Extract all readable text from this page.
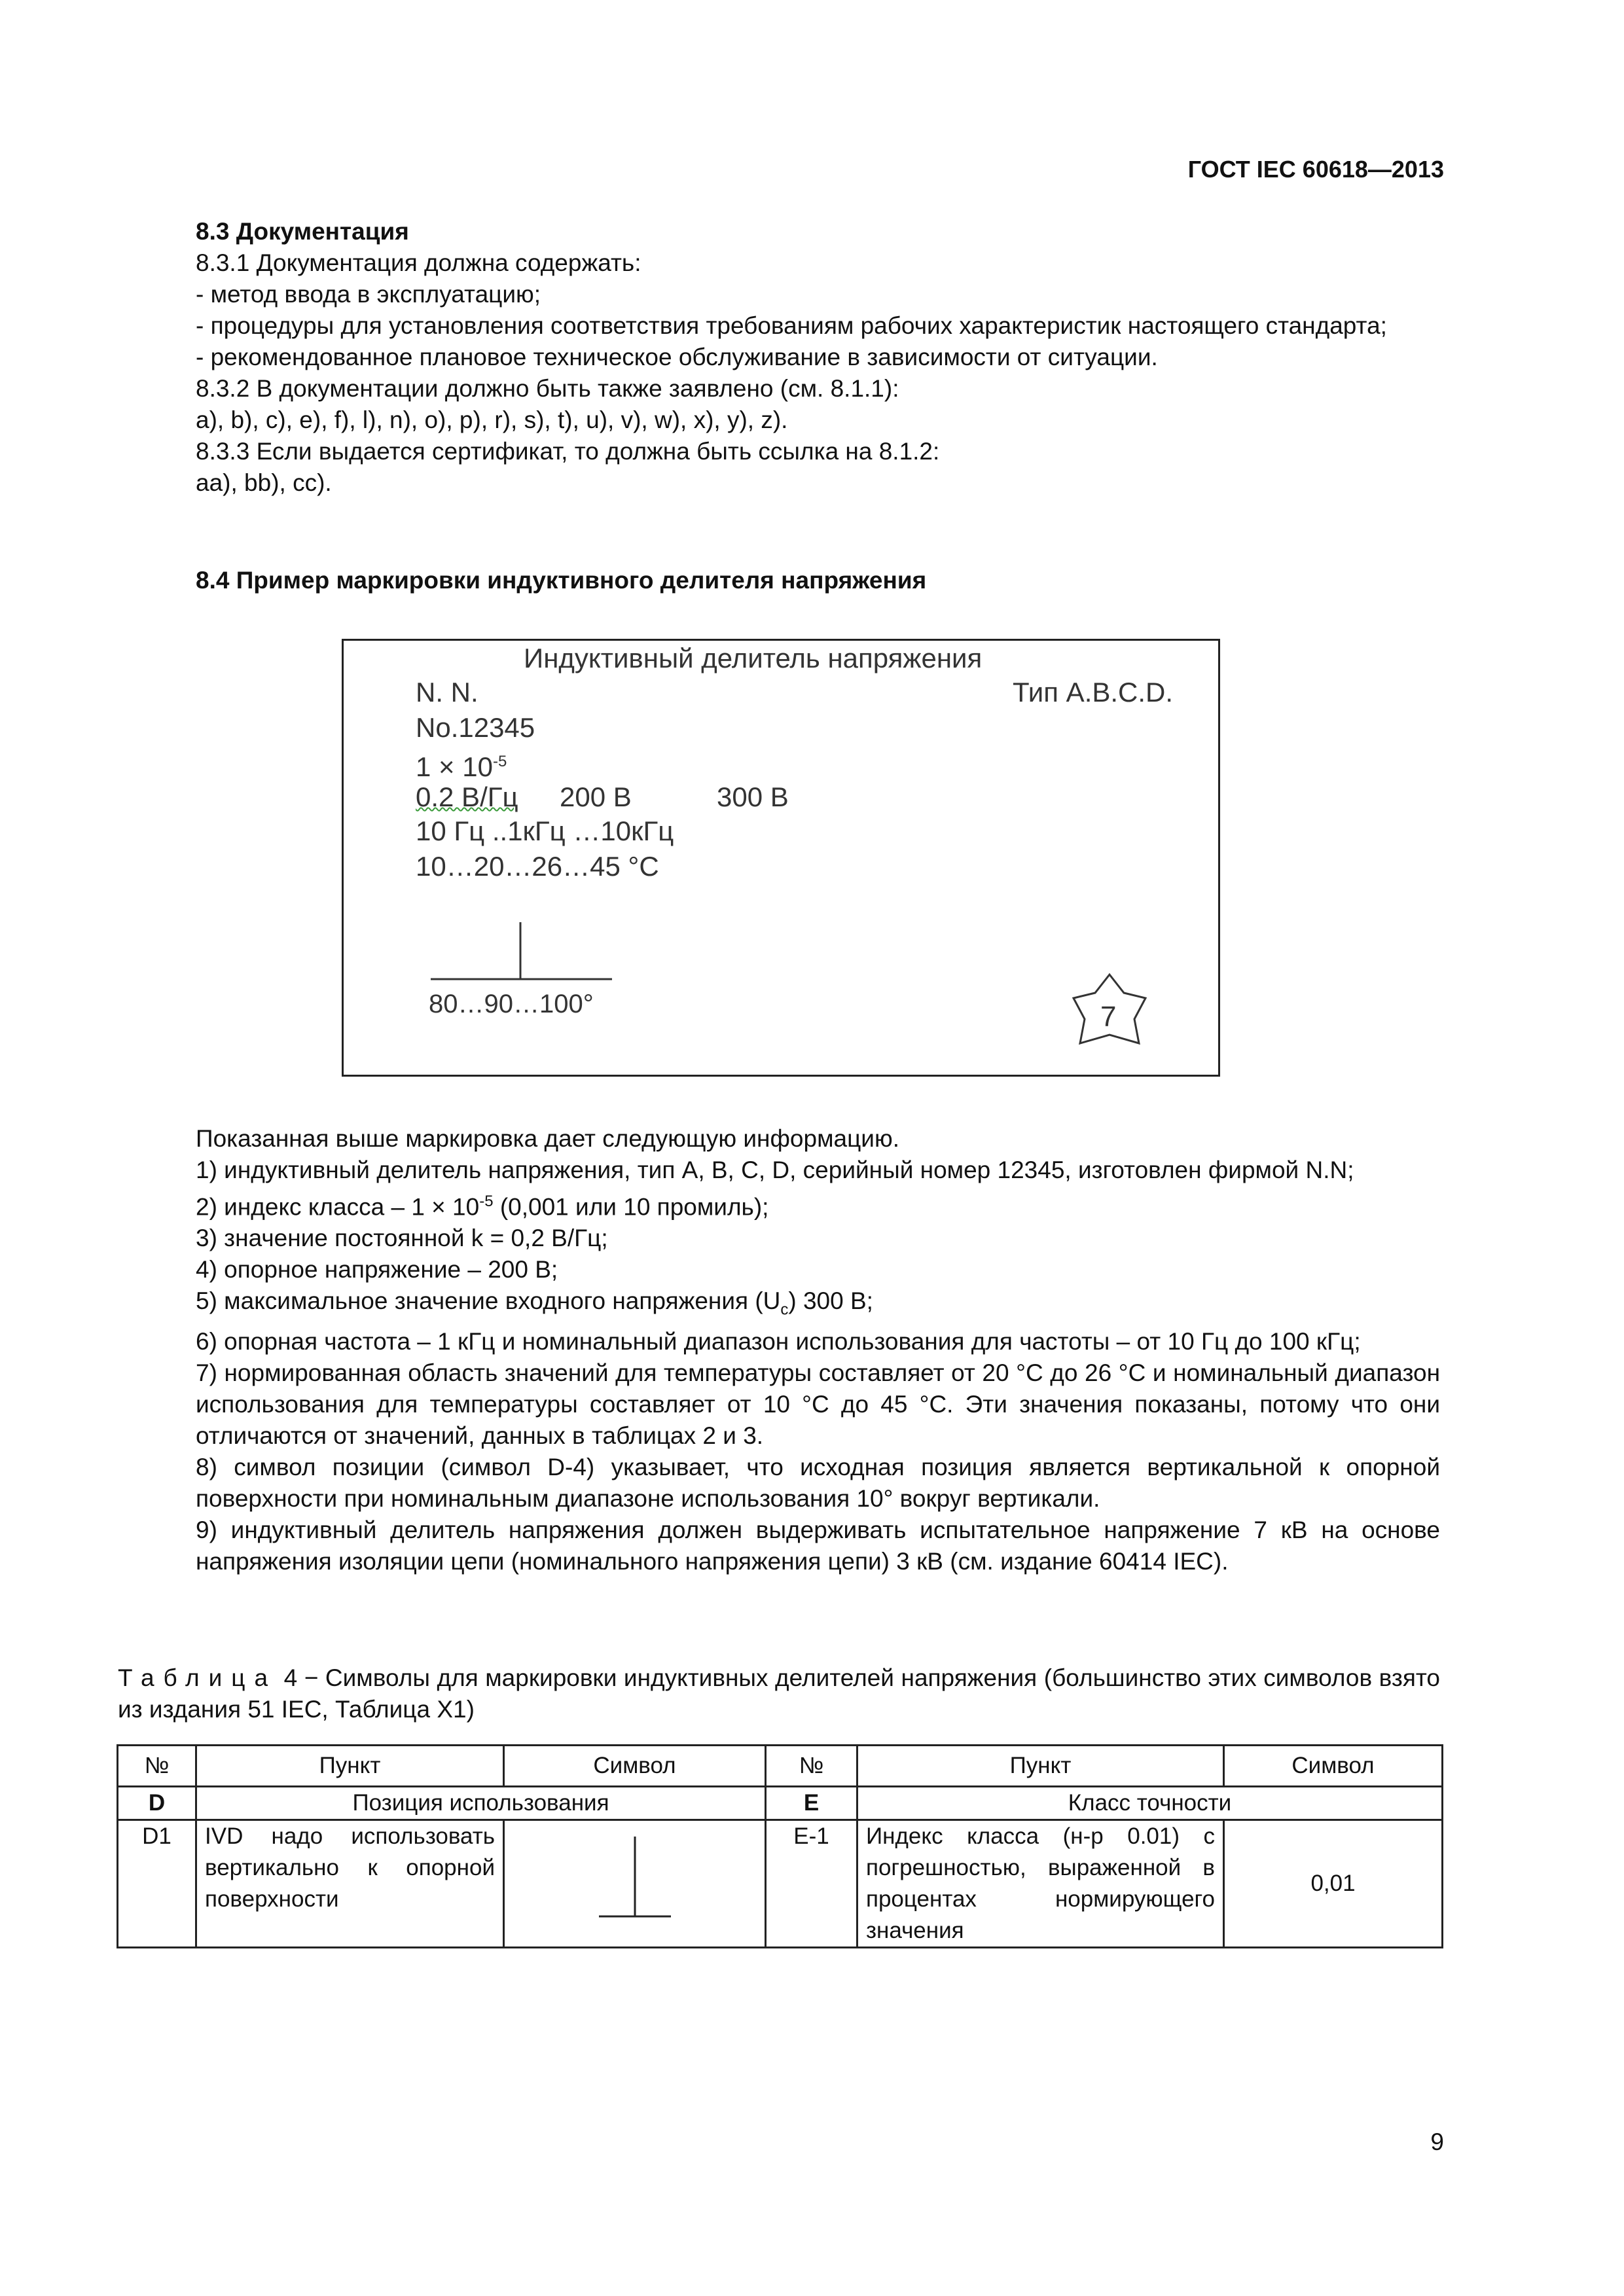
ГОСТ IEC 60618—2013
8.3 Документация
8.3.1 Документация должна содержать:
- метод ввода в эксплуатацию;
- процедуры для установления соответствия требованиям рабочих характеристик настоящего стандарта;
- рекомендованное плановое техническое обслуживание в зависимости от ситуации.
8.3.2 В документации должно быть также заявлено (см. 8.1.1):
a), b), c), e), f), l), n), o), p), r), s), t), u), v), w), x), y), z).
8.3.3 Если выдается сертификат, то должна быть ссылка на 8.1.2:
aa), bb), cc).
8.4 Пример маркировки индуктивного делителя напряжения
Индуктивный делитель напряжения
N. N.	Тип A.B.C.D.
No.12345
$1 \times 10^{-5}$
0.2 В/Гц 200 В	300 В
10 Гц ..1кГц …10кГц
10…20…26…45 °C
80…90…100°	7
Показанная выше маркировка дает следующую информацию.
1) индуктивный делитель напряжения, тип А, В, С, D, серийный номер 12345, изготовлен фирмой N.N;
2) индекс класса – $1 \times 10^{-5}$ (0,001 или 10 промиль);
3) значение постоянной k = 0,2 В/Гц;
4) опорное напряжение – 200 В;
5) максимальное значение входного напряжения $(U_c)$ 300 В;
6) опорная частота – 1 кГц и номинальный диапазон использования для частоты – от 10 Гц до 100 кГц;
7) нормированная область значений для температуры составляет от 20 °С до 26 °С и номинальный диапазон использования для температуры составляет от 10 °С до 45 °С. Эти значения показаны, потому что они отличаются от значений, данных в таблицах 2 и 3.
8) символ позиции (символ D-4) указывает, что исходная позиция является вертикальной к опорной поверхности при номинальным диапазоне использования 10° вокруг вертикали.
9) индуктивный делитель напряжения должен выдерживать испытательное напряжение 7 кВ на основе напряжения изоляции цепи (номинального напряжения цепи) 3 кВ (см. издание 60414 IEC).
Таблица 4 − Символы для маркировки индуктивных делителей напряжения (большинство этих символов взято из издания 51 IEC, Таблица X1)
№	Пункт	Символ	№	Пункт	Символ
D	Позиция использования		E	Класс точности	
D1	IVD надо использовать вертикально к опорной поверхности		E-1	Индекс класса (н-р 0.01) с погрешностью, выраженной в процентах нормирующего значения	0,01
9
